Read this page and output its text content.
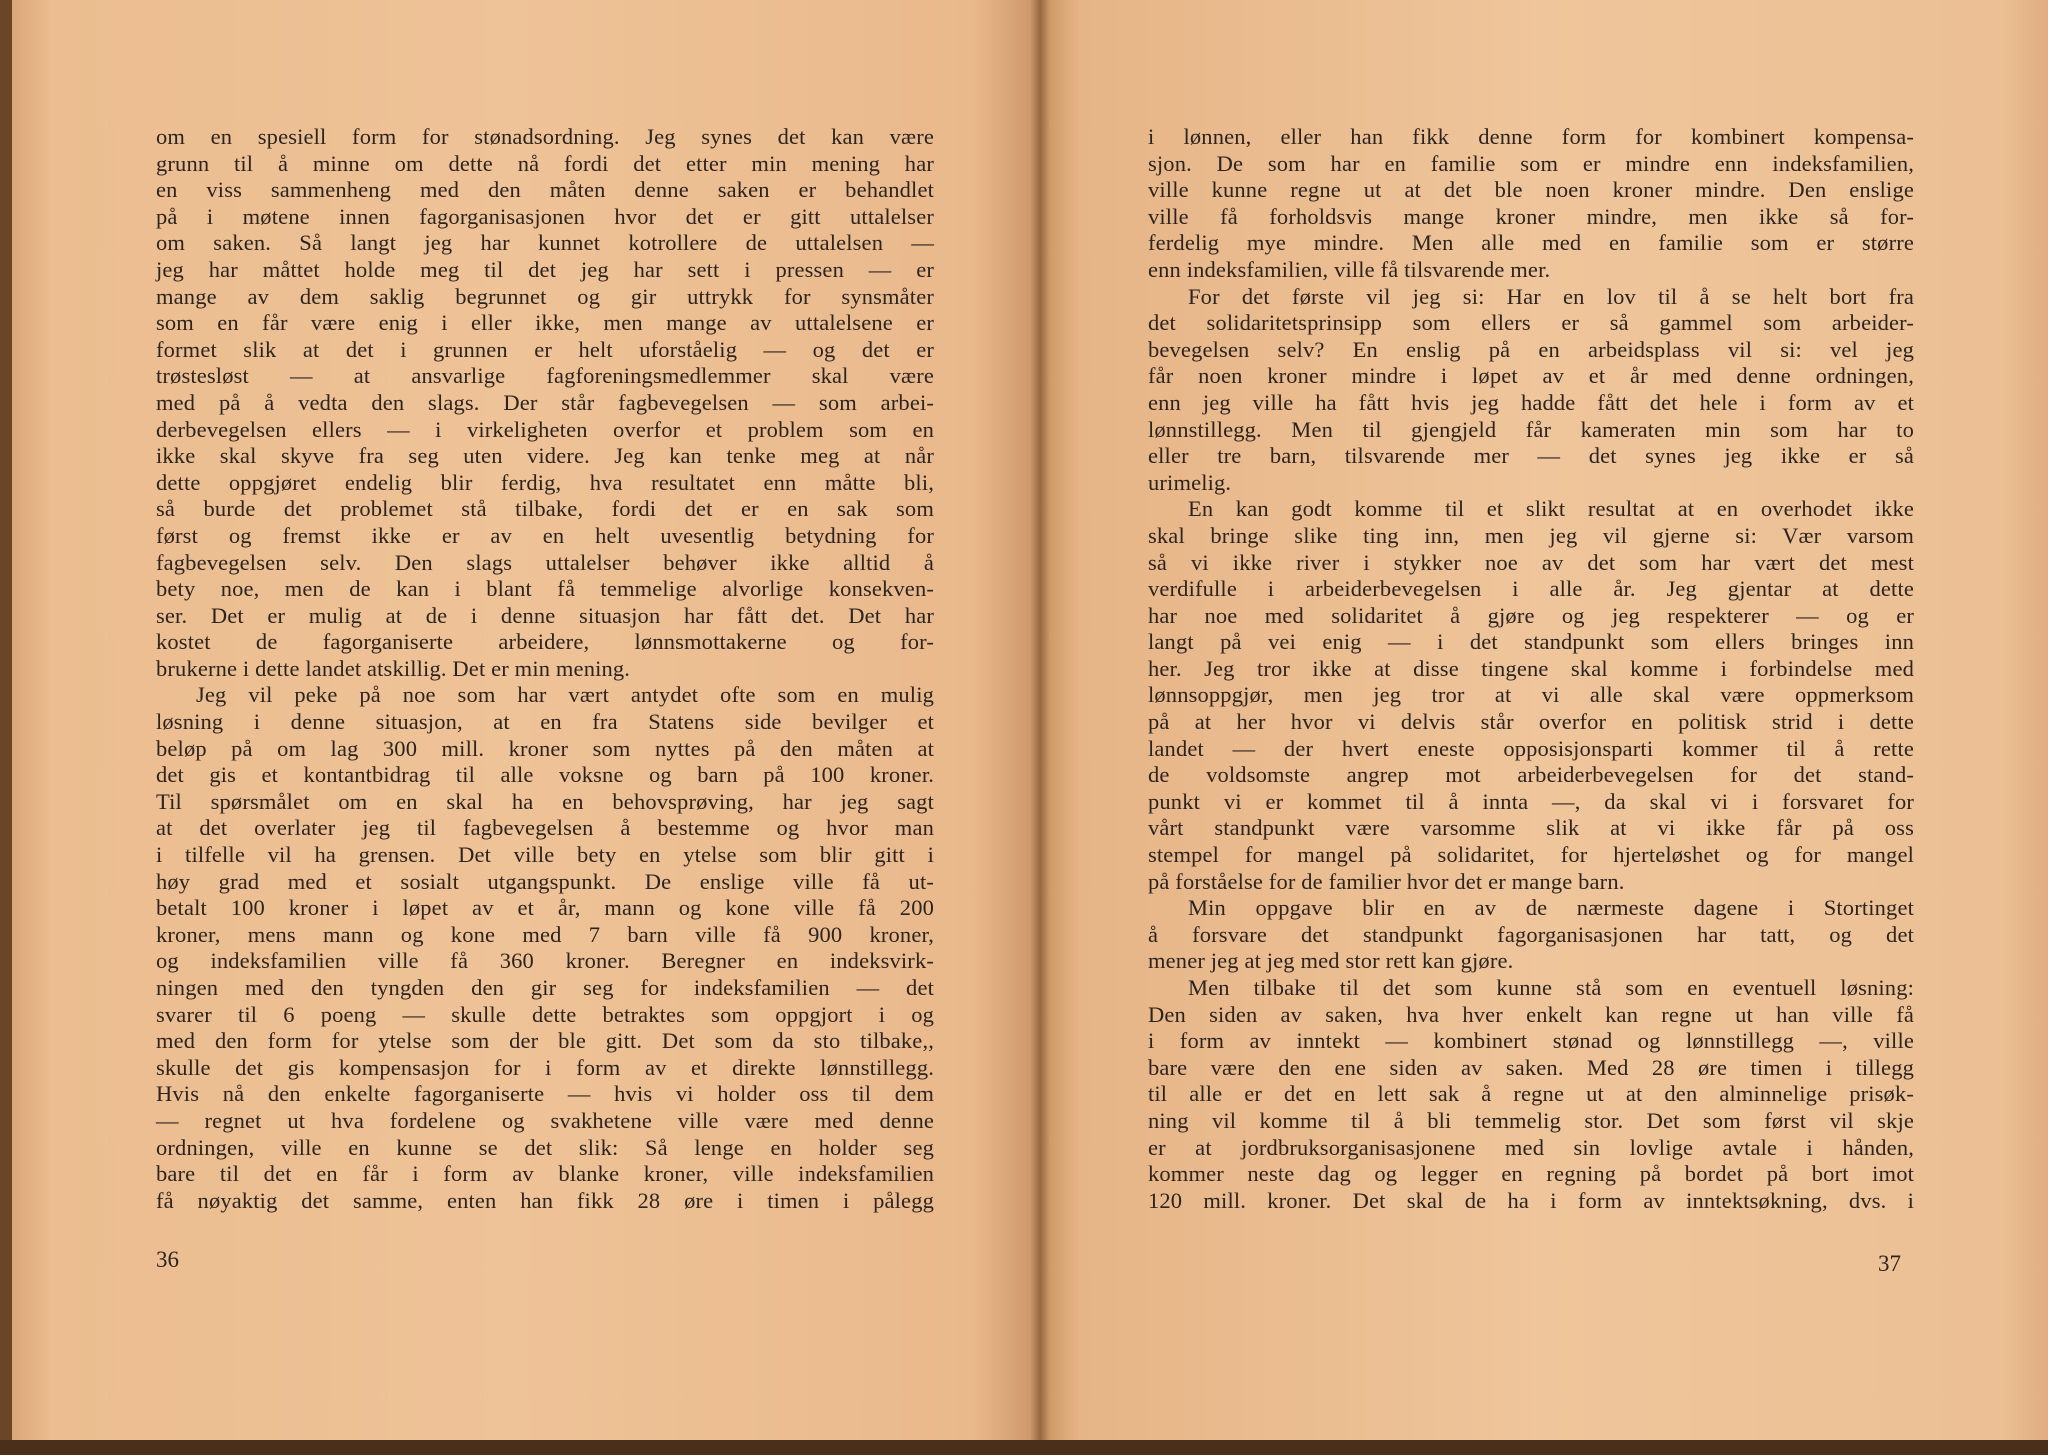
om en spesiell form for stønadsordning. Jeg synes det kan være
grunn til å minne om dette nå fordi det etter min mening har
en viss sammenheng med den måten denne saken er behandlet
på i møtene innen fagorganisasjonen hvor det er gitt uttalelser
om saken. Så langt jeg har kunnet kotrollere de uttalelsen —
jeg har måttet holde meg til det jeg har sett i pressen — er
mange av dem saklig begrunnet og gir uttrykk for synsmåter
som en får være enig i eller ikke, men mange av uttalelsene er
formet slik at det i grunnen er helt uforståelig — og det er
trøstesløst — at ansvarlige fagforeningsmedlemmer skal være
med på å vedta den slags. Der står fagbevegelsen — som arbei-
derbevegelsen ellers — i virkeligheten overfor et problem som en
ikke skal skyve fra seg uten videre. Jeg kan tenke meg at når
dette oppgjøret endelig blir ferdig, hva resultatet enn måtte bli,
så burde det problemet stå tilbake, fordi det er en sak som
først og fremst ikke er av en helt uvesentlig betydning for
fagbevegelsen selv. Den slags uttalelser behøver ikke alltid å
bety noe, men de kan i blant få temmelige alvorlige konsekven-
ser. Det er mulig at de i denne situasjon har fått det. Det har
kostet de fagorganiserte arbeidere, lønnsmottakerne og for-
brukerne i dette landet atskillig. Det er min mening.
Jeg vil peke på noe som har vært antydet ofte som en mulig
løsning i denne situasjon, at en fra Statens side bevilger et
beløp på om lag 300 mill. kroner som nyttes på den måten at
det gis et kontantbidrag til alle voksne og barn på 100 kroner.
Til spørsmålet om en skal ha en behovsprøving, har jeg sagt
at det overlater jeg til fagbevegelsen å bestemme og hvor man
i tilfelle vil ha grensen. Det ville bety en ytelse som blir gitt i
høy grad med et sosialt utgangspunkt. De enslige ville få ut-
betalt 100 kroner i løpet av et år, mann og kone ville få 200
kroner, mens mann og kone med 7 barn ville få 900 kroner,
og indeksfamilien ville få 360 kroner. Beregner en indeksvirk-
ningen med den tyngden den gir seg for indeksfamilien — det
svarer til 6 poeng — skulle dette betraktes som oppgjort i og
med den form for ytelse som der ble gitt. Det som da sto tilbake,,
skulle det gis kompensasjon for i form av et direkte lønnstillegg.
Hvis nå den enkelte fagorganiserte — hvis vi holder oss til dem
— regnet ut hva fordelene og svakhetene ville være med denne
ordningen, ville en kunne se det slik: Så lenge en holder seg
bare til det en får i form av blanke kroner, ville indeksfamilien
få nøyaktig det samme, enten han fikk 28 øre i timen i pålegg
36
i lønnen, eller han fikk denne form for kombinert kompensa-
sjon. De som har en familie som er mindre enn indeksfamilien,
ville kunne regne ut at det ble noen kroner mindre. Den enslige
ville få forholdsvis mange kroner mindre, men ikke så for-
ferdelig mye mindre. Men alle med en familie som er større
enn indeksfamilien, ville få tilsvarende mer.
For det første vil jeg si: Har en lov til å se helt bort fra
det solidaritetsprinsipp som ellers er så gammel som arbeider-
bevegelsen selv? En enslig på en arbeidsplass vil si: vel jeg
får noen kroner mindre i løpet av et år med denne ordningen,
enn jeg ville ha fått hvis jeg hadde fått det hele i form av et
lønnstillegg. Men til gjengjeld får kameraten min som har to
eller tre barn, tilsvarende mer — det synes jeg ikke er så
urimelig.
En kan godt komme til et slikt resultat at en overhodet ikke
skal bringe slike ting inn, men jeg vil gjerne si: Vær varsom
så vi ikke river i stykker noe av det som har vært det mest
verdifulle i arbeiderbevegelsen i alle år. Jeg gjentar at dette
har noe med solidaritet å gjøre og jeg respekterer — og er
langt på vei enig — i det standpunkt som ellers bringes inn
her. Jeg tror ikke at disse tingene skal komme i forbindelse med
lønnsoppgjør, men jeg tror at vi alle skal være oppmerksom
på at her hvor vi delvis står overfor en politisk strid i dette
landet — der hvert eneste opposisjonsparti kommer til å rette
de voldsomste angrep mot arbeiderbevegelsen for det stand-
punkt vi er kommet til å innta —, da skal vi i forsvaret for
vårt standpunkt være varsomme slik at vi ikke får på oss
stempel for mangel på solidaritet, for hjerteløshet og for mangel
på forståelse for de familier hvor det er mange barn.
Min oppgave blir en av de nærmeste dagene i Stortinget
å forsvare det standpunkt fagorganisasjonen har tatt, og det
mener jeg at jeg med stor rett kan gjøre.
Men tilbake til det som kunne stå som en eventuell løsning:
Den siden av saken, hva hver enkelt kan regne ut han ville få
i form av inntekt — kombinert stønad og lønnstillegg —, ville
bare være den ene siden av saken. Med 28 øre timen i tillegg
til alle er det en lett sak å regne ut at den alminnelige prisøk-
ning vil komme til å bli temmelig stor. Det som først vil skje
er at jordbruksorganisasjonene med sin lovlige avtale i hånden,
kommer neste dag og legger en regning på bordet på bort imot
120 mill. kroner. Det skal de ha i form av inntektsøkning, dvs. i
37
